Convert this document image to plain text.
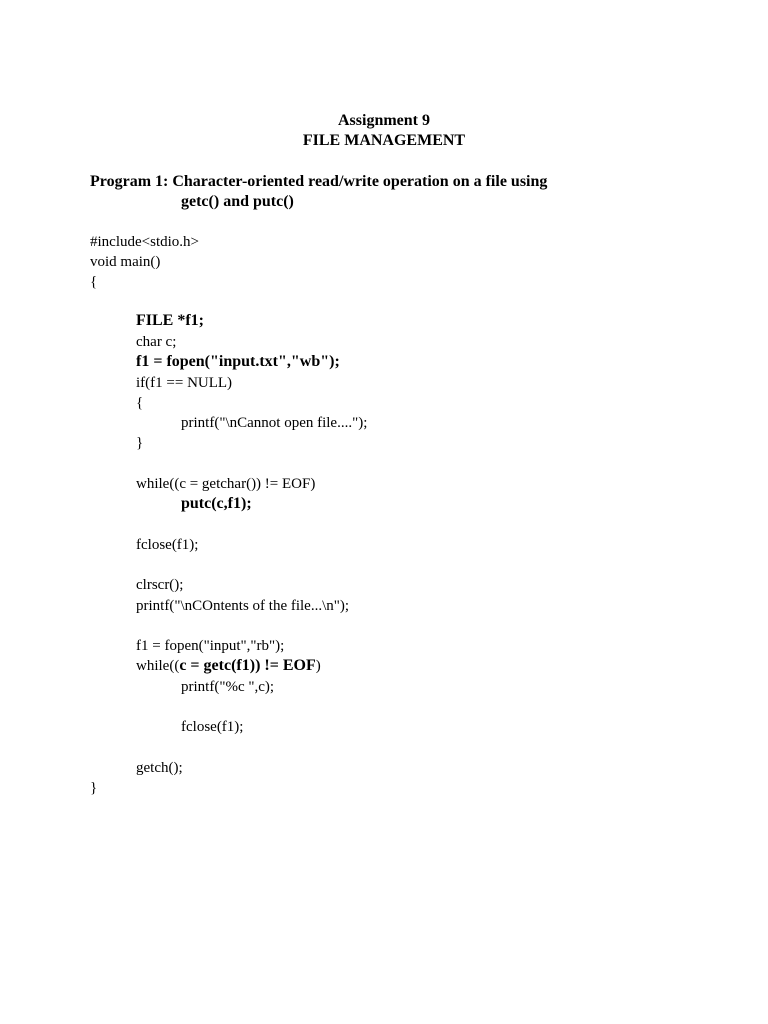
Assignment 9
FILE MANAGEMENT
Program 1: Character-oriented read/write operation on a file using
getc() and putc()
#include<stdio.h>
void main()
{
FILE *f1;
char c;
f1 = fopen("input.txt","wb");
if(f1 == NULL)
{
printf("\nCannot open file....");
}
while((c = getchar()) != EOF)
putc(c,f1);
fclose(f1);
clrscr();
printf("\nCOntents of the file...\n");
f1 = fopen("input","rb");
while((c = getc(f1)) != EOF)
printf("%c ",c);
fclose(f1);
getch();
}
